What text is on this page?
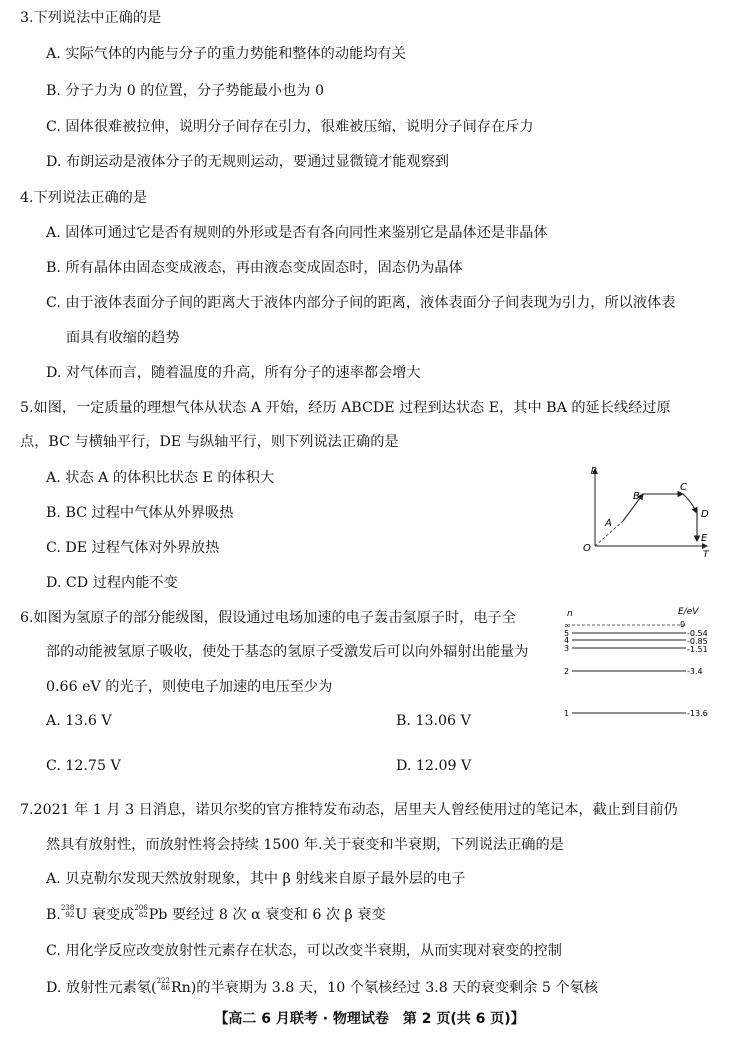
3.下列说法中正确的是
A. 实际气体的内能与分子的重力势能和整体的动能均有关
B. 分子力为 0 的位置，分子势能最小也为 0
C. 固体很难被拉伸，说明分子间存在引力，很难被压缩，说明分子间存在斥力
D. 布朗运动是液体分子的无规则运动，要通过显微镜才能观察到
4.下列说法正确的是
A. 固体可通过它是否有规则的外形或是否有各向同性来鉴别它是晶体还是非晶体
B. 所有晶体由固态变成液态，再由液态变成固态时，固态仍为晶体
C. 由于液体表面分子间的距离大于液体内部分子间的距离，液体表面分子间表现为引力，所以液体表
面具有收缩的趋势
D. 对气体而言，随着温度的升高，所有分子的速率都会增大
5.如图，一定质量的理想气体从状态 A 开始，经历 ABCDE 过程到达状态 E，其中 BA 的延长线经过原
点，BC 与横轴平行，DE 与纵轴平行，则下列说法正确的是
A. 状态 A 的体积比状态 E 的体积大
B. BC 过程中气体从外界吸热
C. DE 过程气体对外界放热
D. CD 过程内能不变
p
T
O
A
B
C
D
E
6.如图为氢原子的部分能级图，假设通过电场加速的电子轰击氢原子时，电子全
部的动能被氢原子吸收，使处于基态的氢原子受激发后可以向外辐射出能量为
0.66 eV 的光子，则使电子加速的电压至少为
A. 13.6 V	B. 13.06 V
C. 12.75 V	D. 12.09 V
n	E/eV
∞
5
4
3
2
1
0
-0.54
-0.85
-1.51
-3.4
-13.6
7.2021 年 1 月 3 日消息，诺贝尔奖的官方推特发布动态，居里夫人曾经使用过的笔记本，截止到目前仍
然具有放射性，而放射性将会持续 1500 年.关于衰变和半衰期，下列说法正确的是
A. 贝克勒尔发现天然放射现象，其中 β 射线来自原子最外层的电子
B. 238
92 U 衰变成 206
82 Pb 要经过 8 次 α 衰变和 6 次 β 衰变
C. 用化学反应改变放射性元素存在状态，可以改变半衰期，从而实现对衰变的控制
D. 放射性元素氡( 222
86 Rn)的半衰期为 3.8 天，10 个氡核经过 3.8 天的衰变剩余 5 个氡核
【高二 6 月联考 · 物理试卷　第 2 页(共 6 页)】
